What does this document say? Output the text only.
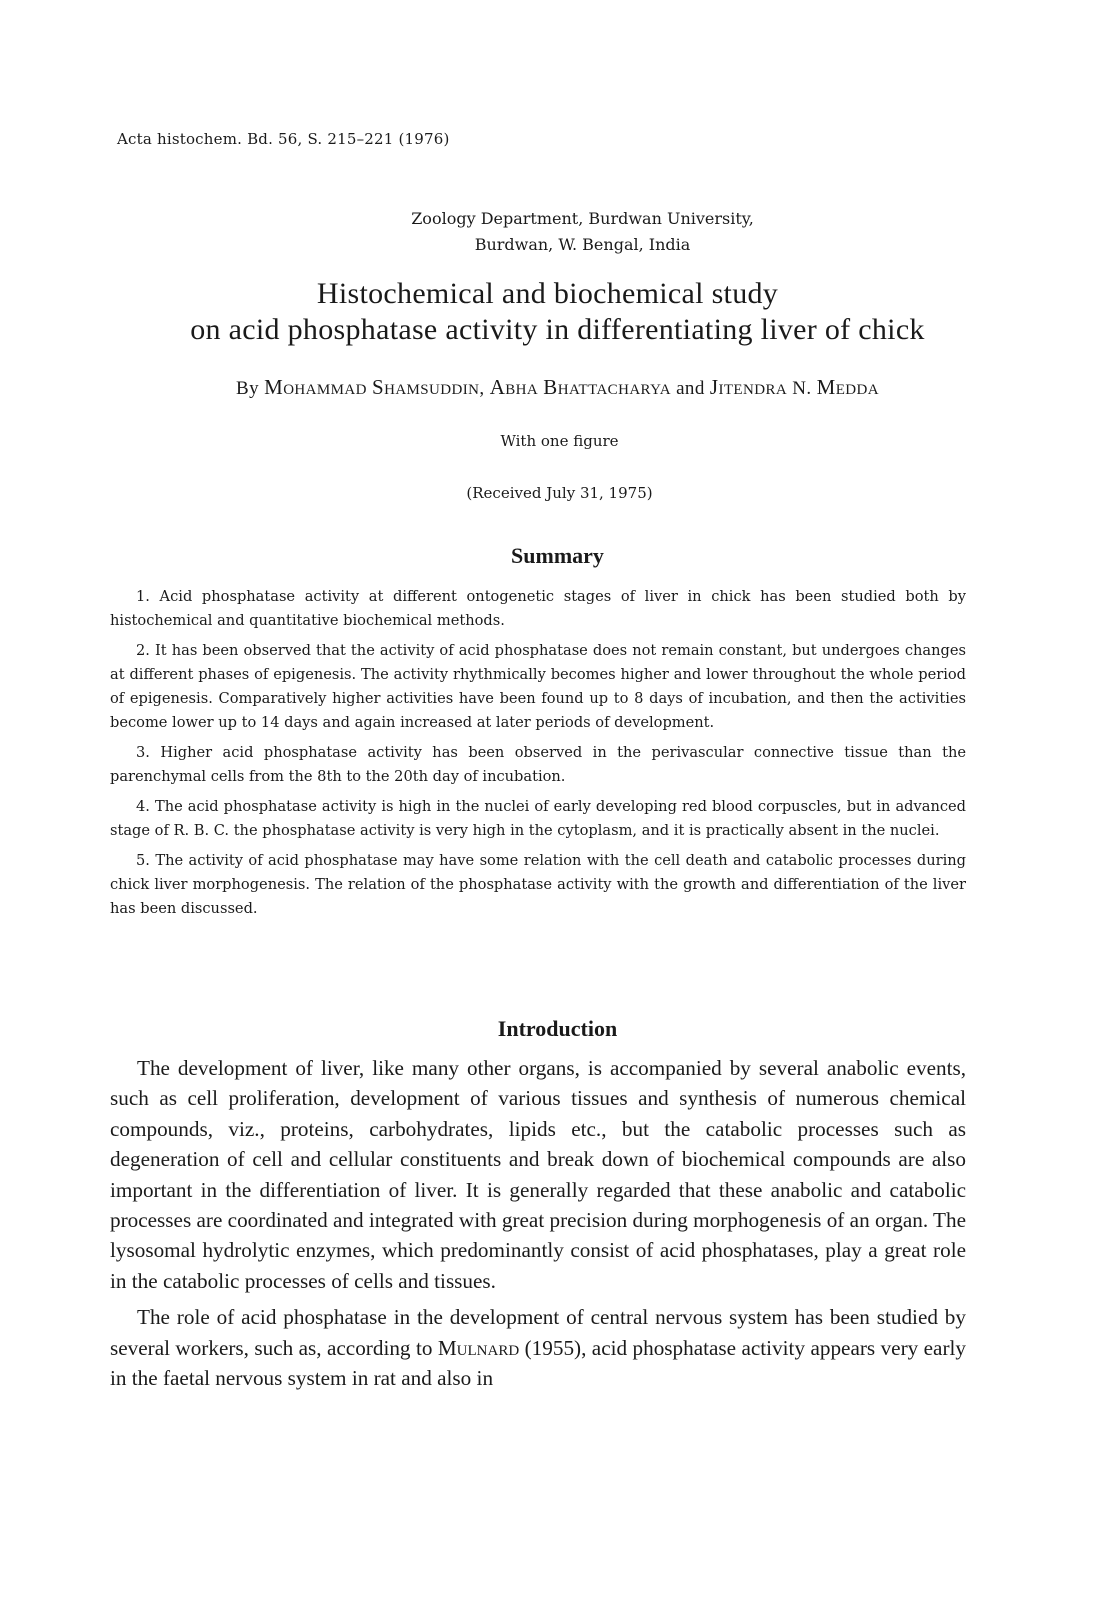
Acta histochem. Bd. 56, S. 215–221 (1976)
Zoology Department, Burdwan University,
Burdwan, W. Bengal, India
Histochemical and biochemical study
on acid phosphatase activity in differentiating liver of chick
By MOHAMMAD SHAMSUDDIN, ABHA BHATTACHARYA and JITENDRA N. MEDDA
With one figure
(Received July 31, 1975)
Summary

1. Acid phosphatase activity at different ontogenetic stages of liver in chick has been studied both by histochemical and quantitative biochemical methods.

2. It has been observed that the activity of acid phosphatase does not remain constant, but undergoes changes at different phases of epigenesis. The activity rhythmically becomes higher and lower throughout the whole period of epigenesis. Comparatively higher activities have been found up to 8 days of incubation, and then the activities become lower up to 14 days and again increased at later periods of development.

3. Higher acid phosphatase activity has been observed in the perivascular connective tissue than the parenchymal cells from the 8th to the 20th day of incubation.

4. The acid phosphatase activity is high in the nuclei of early developing red blood corpuscles, but in advanced stage of R. B. C. the phosphatase activity is very high in the cytoplasm, and it is practically absent in the nuclei.

5. The activity of acid phosphatase may have some relation with the cell death and catabolic processes during chick liver morphogenesis. The relation of the phosphatase activity with the growth and differentiation of the liver has been discussed.

Introduction

The development of liver, like many other organs, is accompanied by several anabolic events, such as cell proliferation, development of various tissues and synthesis of numerous chemical compounds, viz., proteins, carbohydrates, lipids etc., but the catabolic processes such as degeneration of cell and cellular constituents and break down of biochemical compounds are also important in the differentiation of liver. It is generally regarded that these anabolic and catabolic processes are coordinated and integrated with great precision during morphogenesis of an organ. The lysosomal hydrolytic enzymes, which predominantly consist of acid phosphatases, play a great role in the catabolic processes of cells and tissues.

The role of acid phosphatase in the development of central nervous system has been studied by several workers, such as, according to Mulnard (1955), acid phosphatase activity appears very early in the faetal nervous system in rat and also in
